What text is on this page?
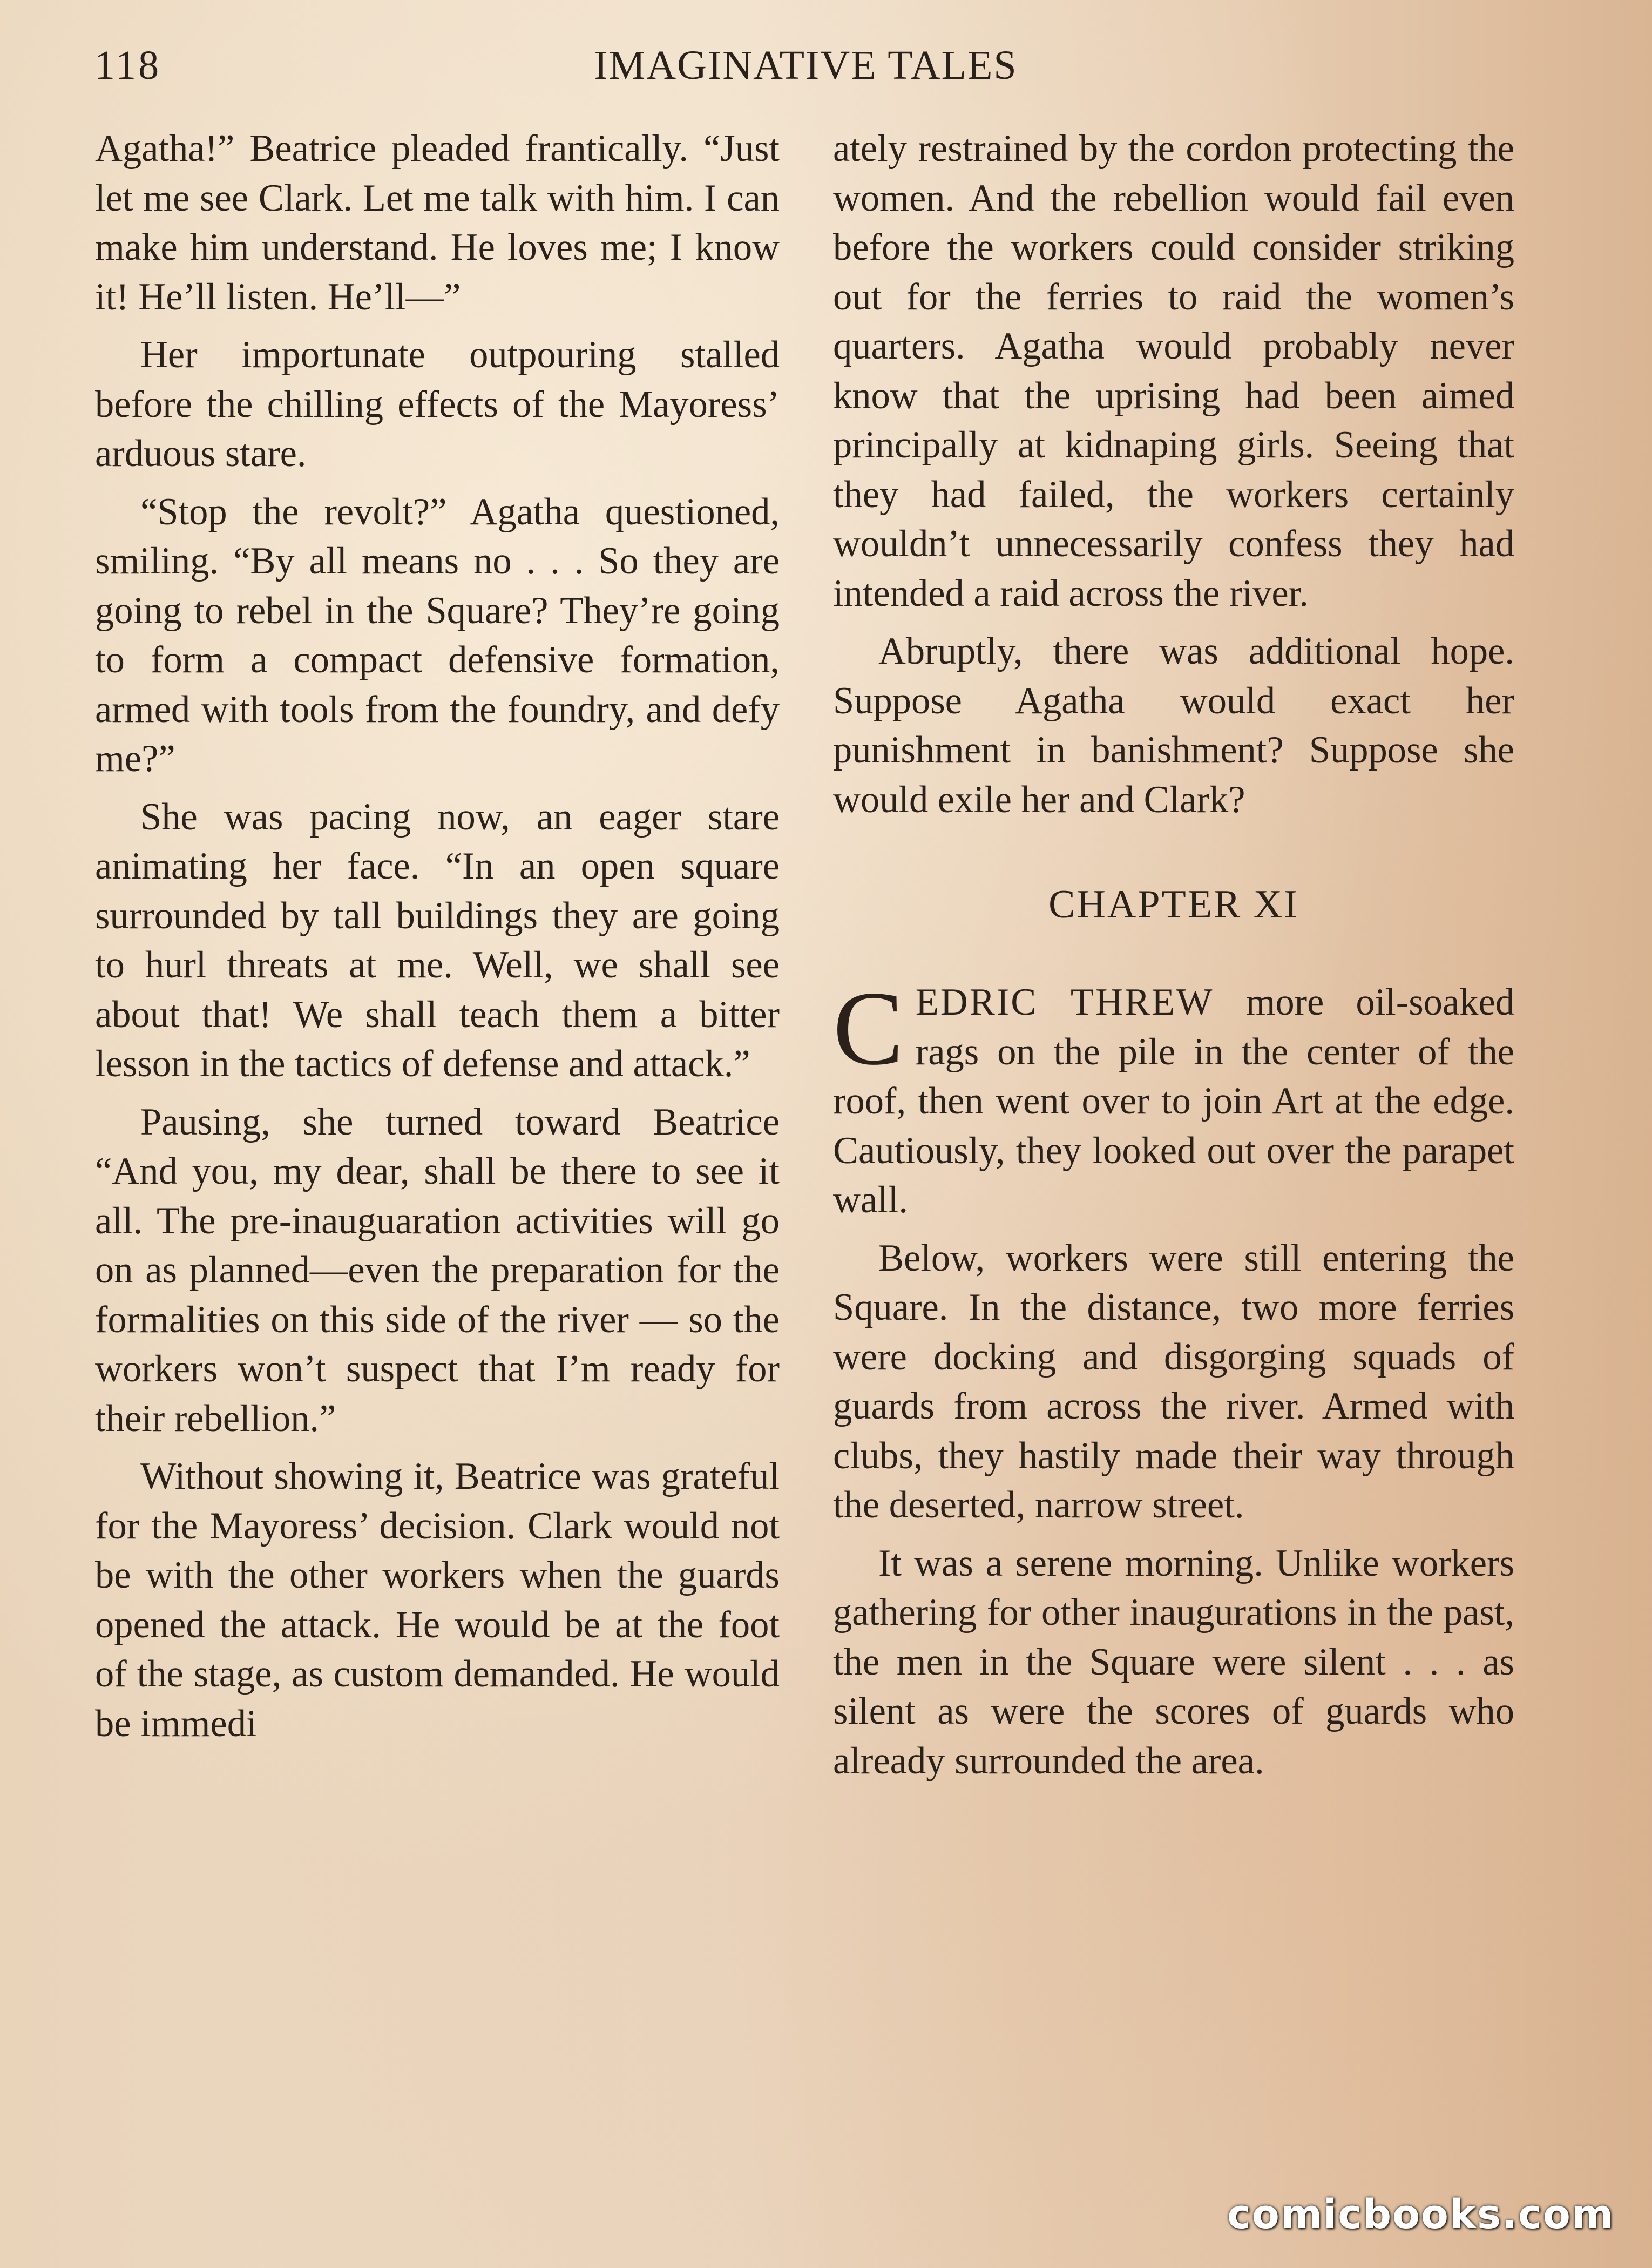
118	IMAGINATIVE TALES

Agatha!” Beatrice pleaded frantically. “Just let me see Clark. Let me talk with him. I can make him understand. He loves me; I know it! He’ll listen. He’ll—”

Her importunate outpouring stalled before the chilling effects of the Mayoress’ arduous stare.

“Stop the revolt?” Agatha questioned, smiling. “By all means no . . . So they are going to rebel in the Square? They’re going to form a compact defensive formation, armed with tools from the foundry, and defy me?”

She was pacing now, an eager stare animating her face. “In an open square surrounded by tall buildings they are going to hurl threats at me. Well, we shall see about that! We shall teach them a bitter lesson in the tactics of defense and attack.”

Pausing, she turned toward Beatrice “And you, my dear, shall be there to see it all. The pre-inauguaration activities will go on as planned—even the preparation for the formalities on this side of the river — so the workers won’t suspect that I’m ready for their rebellion.”

Without showing it, Beatrice was grateful for the Mayoress’ decision. Clark would not be with the other workers when the guards opened the attack. He would be at the foot of the stage, as custom demanded. He would be immedi

ately restrained by the cordon protecting the women. And the rebellion would fail even before the workers could consider striking out for the ferries to raid the women’s quarters. Agatha would probably never know that the uprising had been aimed principally at kidnaping girls. Seeing that they had failed, the workers certainly wouldn’t unnecessarily confess they had intended a raid across the river.

Abruptly, there was additional hope. Suppose Agatha would exact her punishment in banishment? Suppose she would exile her and Clark?

CHAPTER XI

CEDRIC THREW more oil-soaked rags on the pile in the center of the roof, then went over to join Art at the edge. Cautiously, they looked out over the parapet wall.

Below, workers were still entering the Square. In the distance, two more ferries were docking and disgorging squads of guards from across the river. Armed with clubs, they hastily made their way through the deserted, narrow street.

It was a serene morning. Unlike workers gathering for other inaugurations in the past, the men in the Square were silent . . . as silent as were the scores of guards who already surrounded the area.

comicbooks.com
